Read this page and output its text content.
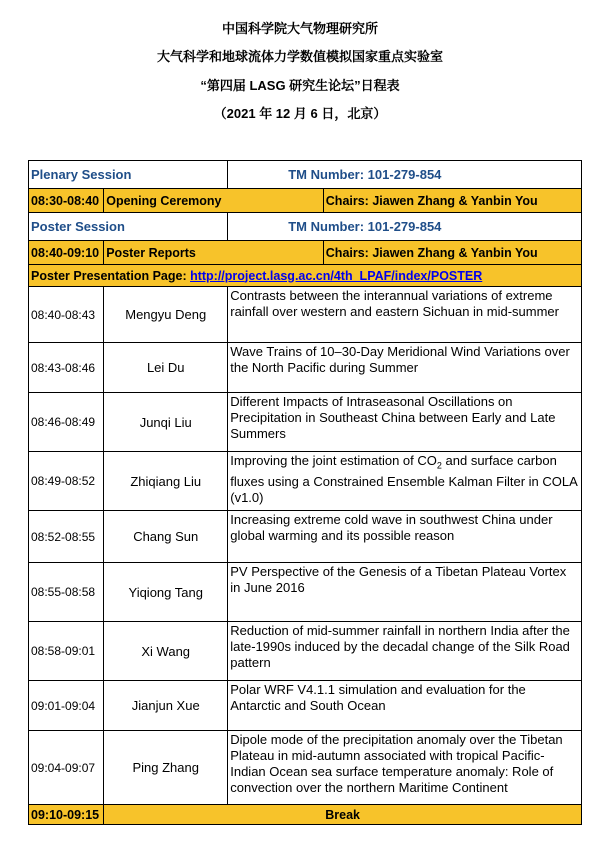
中国科学院大气物理研究所
大气科学和地球流体力学数值模拟国家重点实验室
“第四届 LASG 研究生论坛”日程表
（2021 年 12 月 6 日，北京）
Plenary Session		TM Number: 101-279-854	
08:30-08:40	Opening Ceremony		Chairs: Jiawen Zhang & Yanbin You
Poster Session		TM Number: 101-279-854	
08:40-09:10	Poster Reports		Chairs: Jiawen Zhang & Yanbin You
Poster Presentation Page: http://project.lasg.ac.cn/4th_LPAF/index/POSTER			
08:40-08:43	Mengyu Deng	Contrasts between the interannual variations of extreme rainfall over western and eastern Sichuan in mid-summer	
08:43-08:46	Lei Du	Wave Trains of 10–30-Day Meridional Wind Variations over the North Pacific during Summer	
08:46-08:49	Junqi Liu	Different Impacts of Intraseasonal Oscillations on Precipitation in Southeast China between Early and Late Summers	
08:49-08:52	Zhiqiang Liu	Improving the joint estimation of $CO_2$ and surface carbon fluxes using a Constrained Ensemble Kalman Filter in COLA (v1.0)	
08:52-08:55	Chang Sun	Increasing extreme cold wave in southwest China under global warming and its possible reason	
08:55-08:58	Yiqiong Tang	PV Perspective of the Genesis of a Tibetan Plateau Vortex in June 2016	
08:58-09:01	Xi Wang	Reduction of mid-summer rainfall in northern India after the late-1990s induced by the decadal change of the Silk Road pattern	
09:01-09:04	Jianjun Xue	Polar WRF V4.1.1 simulation and evaluation for the Antarctic and South Ocean	
09:04-09:07	Ping Zhang	Dipole mode of the precipitation anomaly over the Tibetan Plateau in mid-autumn associated with tropical Pacific-Indian Ocean sea surface temperature anomaly: Role of convection over the northern Maritime Continent	
09:10-09:15	Break		
